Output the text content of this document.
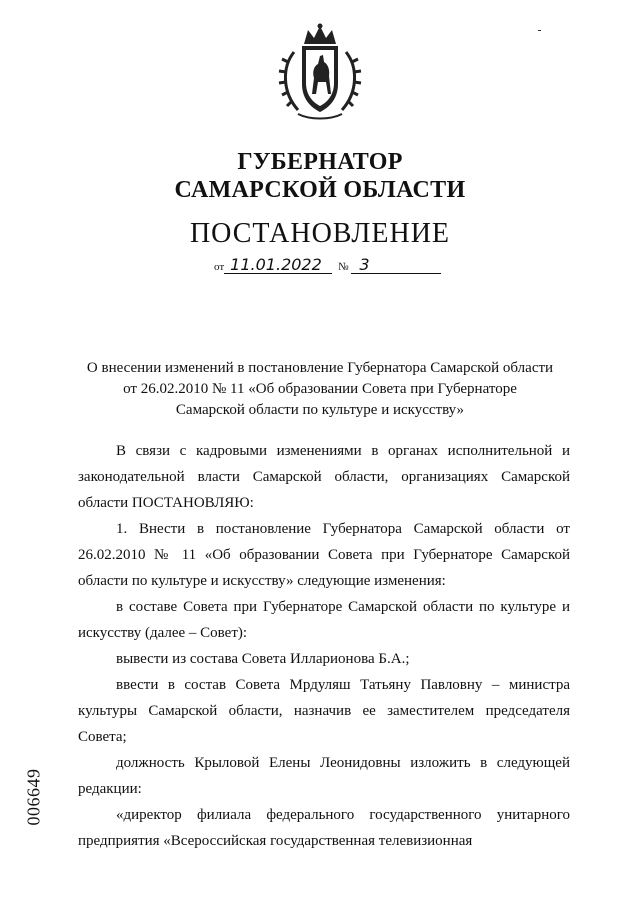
ГУБЕРНАТОР
САМАРСКОЙ ОБЛАСТИ
ПОСТАНОВЛЕНИЕ
от 11.01.2022 № 3
О внесении изменений в постановление Губернатора Самарской области
от 26.02.2010 № 11 «Об образовании Совета при Губернаторе
Самарской области по культуре и искусству»

В связи с кадровыми изменениями в органах исполнительной и законодательной власти Самарской области, организациях Самарской области ПОСТАНОВЛЯЮ:

1. Внести в постановление Губернатора Самарской области от 26.02.2010 № 11 «Об образовании Совета при Губернаторе Самарской области по культуре и искусству» следующие изменения:

в составе Совета при Губернаторе Самарской области по культуре и искусству (далее – Совет):

вывести из состава Совета Илларионова Б.А.;

ввести в состав Совета Мрдуляш Татьяну Павловну – министра культуры Самарской области, назначив ее заместителем председателя Совета;

должность Крыловой Елены Леонидовны изложить в следующей редакции:

«директор филиала федерального государственного унитарного предприятия «Всероссийская государственная телевизионная

006649
